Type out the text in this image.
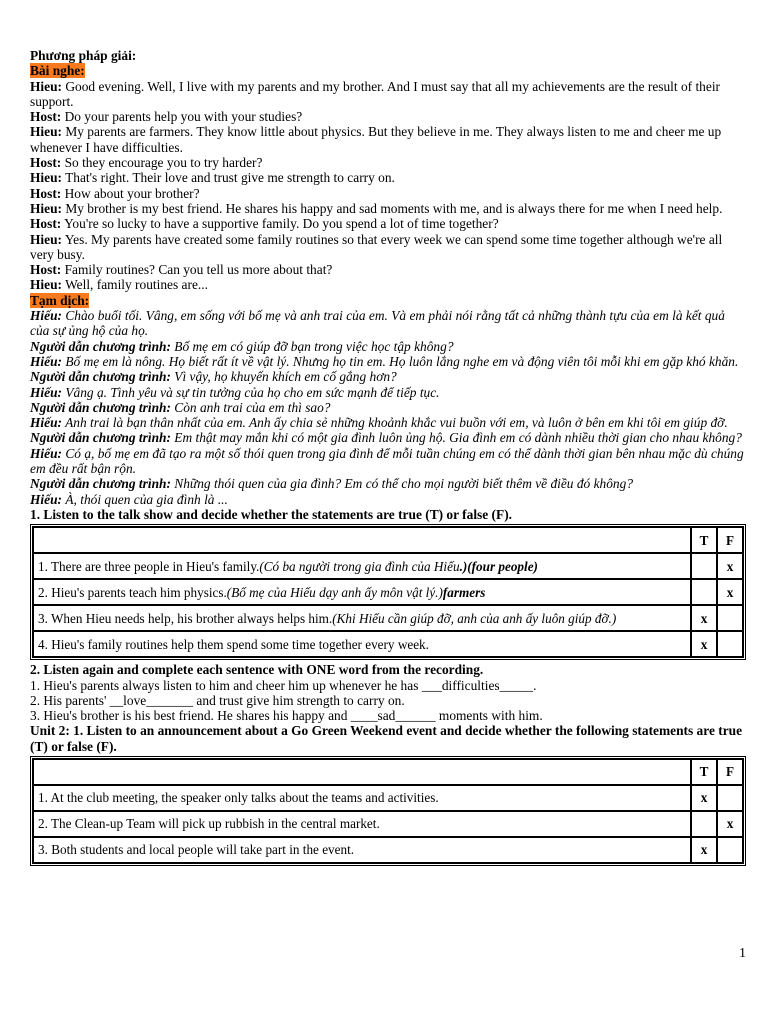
Phương pháp giải:

Bài nghe:

Hieu: Good evening. Well, I live with my parents and my brother. And I must say that all my achievements are the result of their support.

Host: Do your parents help you with your studies?

Hieu: My parents are farmers. They know little about physics. But they believe in me. They always listen to me and cheer me up whenever I have difficulties.

Host: So they encourage you to try harder?

Hieu: That's right. Their love and trust give me strength to carry on.

Host: How about your brother?

Hieu: My brother is my best friend. He shares his happy and sad moments with me, and is always there for me when I need help.

Host: You're so lucky to have a supportive family. Do you spend a lot of time together?

Hieu: Yes. My parents have created some family routines so that every week we can spend some time together although we're all very busy.

Host: Family routines? Can you tell us more about that?

Hieu: Well, family routines are...

Tạm dịch:

Hiếu: Chào buổi tối. Vâng, em sống với bố mẹ và anh trai của em. Và em phải nói rằng tất cả những thành tựu của em là kết quả của sự ủng hộ của họ.

Người dẫn chương trình: Bố mẹ em có giúp đỡ bạn trong việc học tập không?

Hiếu: Bố mẹ em là nông. Họ biết rất ít về vật lý. Nhưng họ tin em. Họ luôn lắng nghe em và động viên tôi mỗi khi em gặp khó khăn.

Người dẫn chương trình: Vì vậy, họ khuyến khích em cố gắng hơn?

Hiếu: Vâng ạ. Tình yêu và sự tin tưởng của họ cho em sức mạnh để tiếp tục.

Người dẫn chương trình: Còn anh trai của em thì sao?

Hiếu: Anh trai là bạn thân nhất của em. Anh ấy chia sẻ những khoảnh khắc vui buồn với em, và luôn ở bên em khi tôi em giúp đỡ.

Người dẫn chương trình: Em thật may mắn khi có một gia đình luôn ủng hộ. Gia đình em có dành nhiều thời gian cho nhau không?

Hiếu: Có ạ, bố mẹ em đã tạo ra một số thói quen trong gia đình để mỗi tuần chúng em có thể dành thời gian bên nhau mặc dù chúng em đều rất bận rộn.

Người dẫn chương trình: Những thói quen của gia đình? Em có thể cho mọi người biết thêm về điều đó không?

Hiếu: À, thói quen của gia đình là ...

1. Listen to the talk show and decide whether the statements are true (T) or false (F).

	T	F
1. There are three people in Hieu's family.(Có ba người trong gia đình của Hiếu.)(four people)		x
2. Hieu's parents teach him physics.(Bố mẹ của Hiếu dạy anh ấy môn vật lý.)farmers		x
3. When Hieu needs help, his brother always helps him.(Khi Hiếu cần giúp đỡ, anh của anh ấy luôn giúp đỡ.)	x	
4. Hieu's family routines help them spend some time together every week.	x	

2. Listen again and complete each sentence with ONE word from the recording.

1. Hieu's parents always listen to him and cheer him up whenever he has ___difficulties_____.

2. His parents' __love_______ and trust give him strength to carry on.

3. Hieu's brother is his best friend. He shares his happy and ____sad______ moments with him.

Unit 2: 1. Listen to an announcement about a Go Green Weekend event and decide whether the following statements are true (T) or false (F).

	T	F
1. At the club meeting, the speaker only talks about the teams and activities.	x	
2. The Clean-up Team will pick up rubbish in the central market.		x
3. Both students and local people will take part in the event.	x	
1
